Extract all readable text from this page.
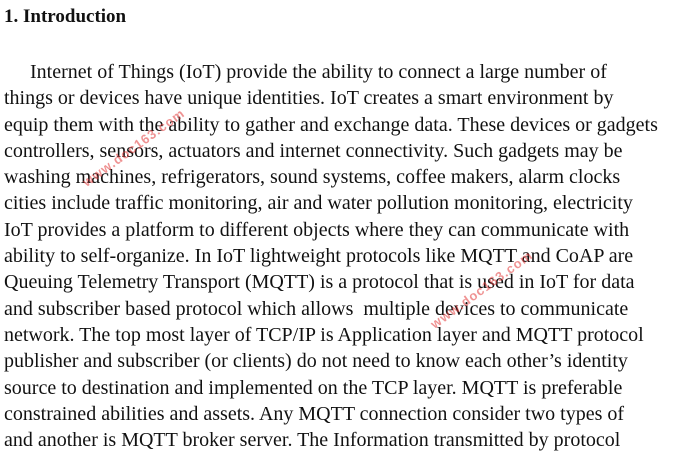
1. Introduction
Internet of Things (IoT) provide the ability to connect a large number of
things or devices have unique identities. IoT creates a smart environment by
equip them with the ability to gather and exchange data. These devices or gadgets
controllers, sensors, actuators and internet connectivity. Such gadgets may be
washing machines, refrigerators, sound systems, coffee makers, alarm clocks
cities include traffic monitoring, air and water pollution monitoring, electricity
IoT provides a platform to different objects where they can communicate with
ability to self-organize. In IoT lightweight protocols like MQTT and CoAP are
Queuing Telemetry Transport (MQTT) is a protocol that is used in IoT for data
and subscriber based protocol which allows  multiple devices to communicate
network. The top most layer of TCP/IP is Application layer and MQTT protocol
publisher and subscriber (or clients) do not need to know each other’s identity
source to destination and implemented on the TCP layer. MQTT is preferable
constrained abilities and assets. Any MQTT connection consider two types of
and another is MQTT broker server. The Information transmitted by protocol
www.doc163.com
www.doc163.com
